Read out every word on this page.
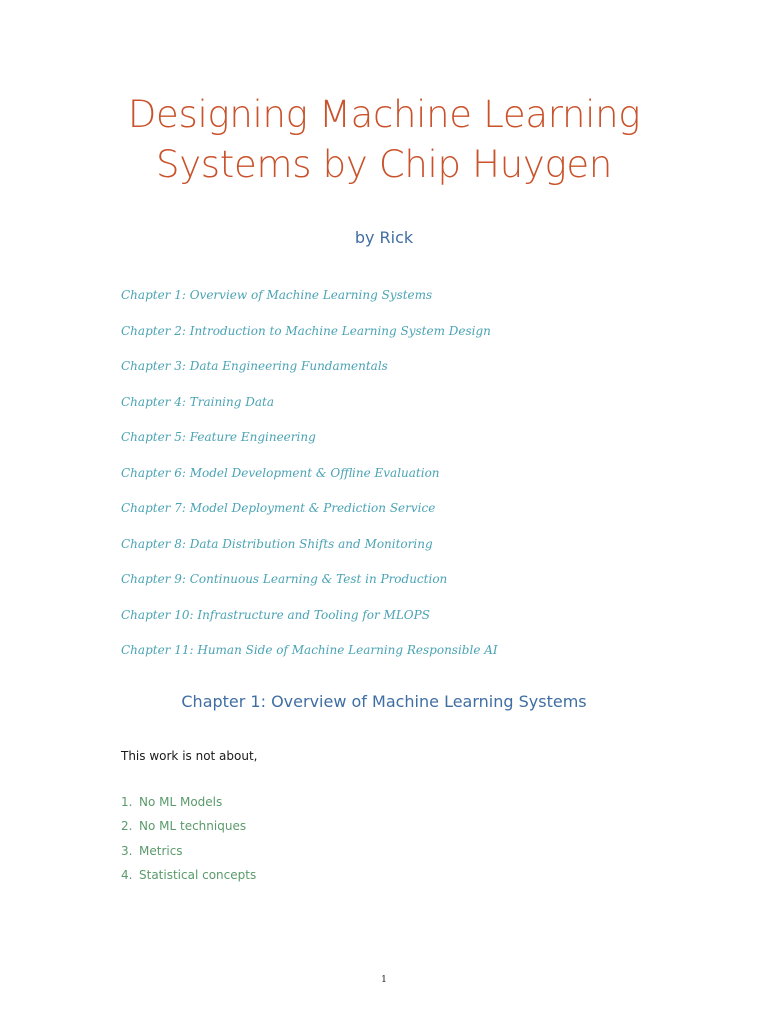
Designing Machine Learning
Systems by Chip Huygen

by Rick

Chapter 1: Overview of Machine Learning Systems
Chapter 2: Introduction to Machine Learning System Design
Chapter 3: Data Engineering Fundamentals
Chapter 4: Training Data
Chapter 5: Feature Engineering
Chapter 6: Model Development & Offline Evaluation
Chapter 7: Model Deployment & Prediction Service
Chapter 8: Data Distribution Shifts and Monitoring
Chapter 9: Continuous Learning & Test in Production
Chapter 10: Infrastructure and Tooling for MLOPS
Chapter 11: Human Side of Machine Learning Responsible AI
Chapter 1: Overview of Machine Learning Systems

This work is not about,

1. No ML Models
2. No ML techniques
3. Metrics
4. Statistical concepts

1
